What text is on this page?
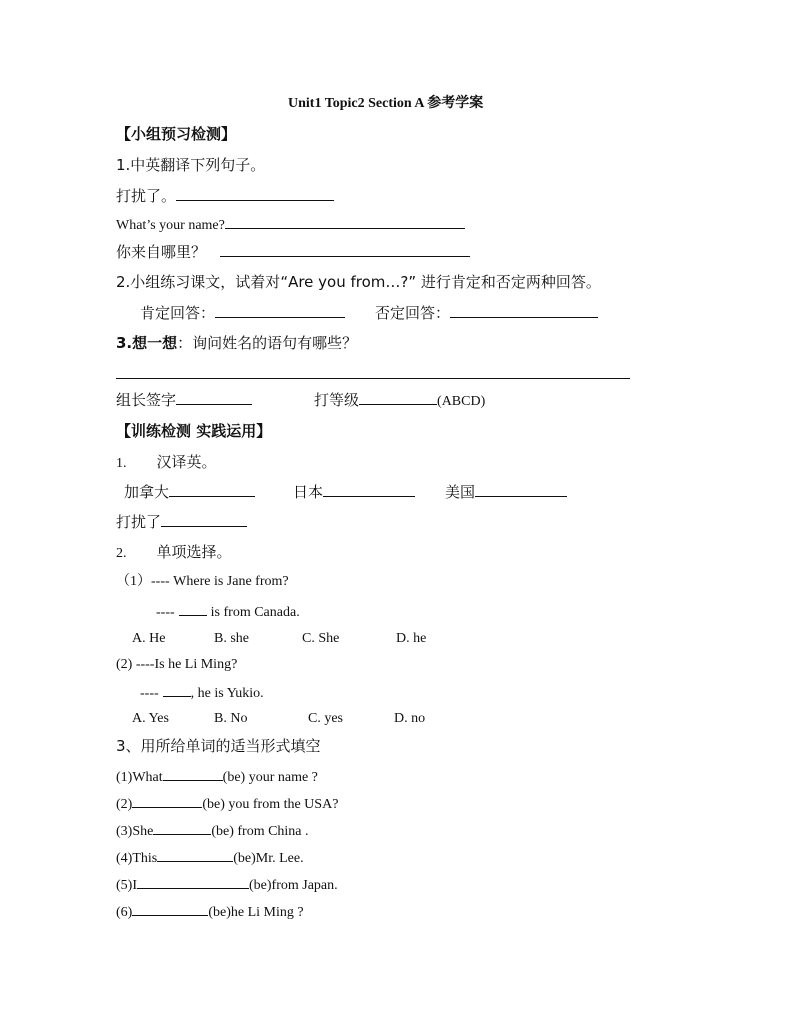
Unit1 Topic2 Section A 参考学案
【小组预习检测】
1.中英翻译下列句子。
打扰了。
What’s your name?
你来自哪里？
2.小组练习课文，试着对“Are you from…?” 进行肯定和否定两种回答。
肯定回答：	否定回答：
3.想一想：询问姓名的语句有哪些？
组长签字	打等级	(ABCD)
【训练检测 实践运用】
1. 汉译英。
加拿大	日本	美国
打扰了
2. 单项选择。
（1）---- Where is Jane from?
----	is from Canada.
A. He	B. she	C. She	D. he
(2) ----Is he Li Ming?
---- , he is Yukio.
A. Yes	B. No	C. yes	D. no
3、用所给单词的适当形式填空
(1)What	(be) your name ?
(2)	(be) you from the USA?
(3)She	(be) from China .
(4)This	(be)Mr. Lee.
(5)I	(be)from Japan.
(6)	(be)he Li Ming ?
